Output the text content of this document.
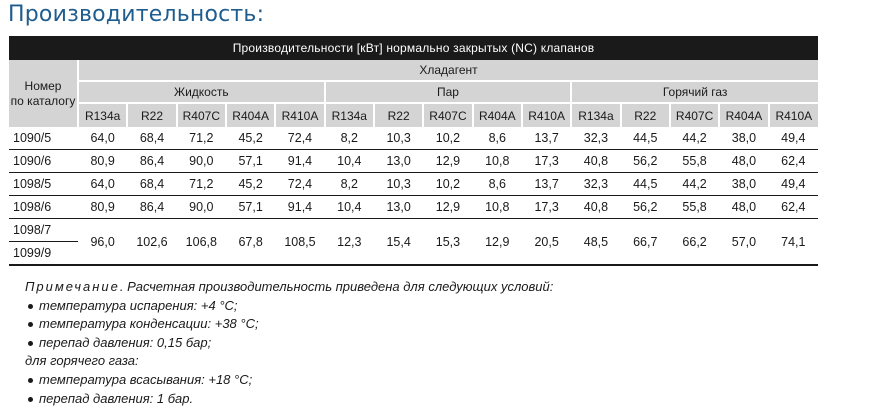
Производительность:
Производительности [кВт] нормально закрытых (NC) клапанов															
Номер
по каталогу	Хладагент														
	Жидкость					Пар					Горячий газ				
	R134a	R22	R407C	R404A	R410A	R134a	R22	R407C	R404A	R410A	R134a	R22	R407C	R404A	R410A
1090/5	64,0	68,4	71,2	45,2	72,4	8,2	10,3	10,2	8,6	13,7	32,3	44,5	44,2	38,0	49,4
1090/6	80,9	86,4	90,0	57,1	91,4	10,4	13,0	12,9	10,8	17,3	40,8	56,2	55,8	48,0	62,4
1098/5	64,0	68,4	71,2	45,2	72,4	8,2	10,3	10,2	8,6	13,7	32,3	44,5	44,2	38,0	49,4
1098/6	80,9	86,4	90,0	57,1	91,4	10,4	13,0	12,9	10,8	17,3	40,8	56,2	55,8	48,0	62,4

1098/7
1099/9	96,0	102,6	106,8	67,8	108,5	12,3	15,4	15,3	12,9	20,5	48,5	66,7	66,2	57,0	74,1
Примечание. Расчетная производительность приведена для следующих условий:
температура испарения: +4 °C;
температура конденсации: +38 °C;
перепад давления: 0,15 бар;
для горячего газа:
температура всасывания: +18 °C;
перепад давления: 1 бар.
